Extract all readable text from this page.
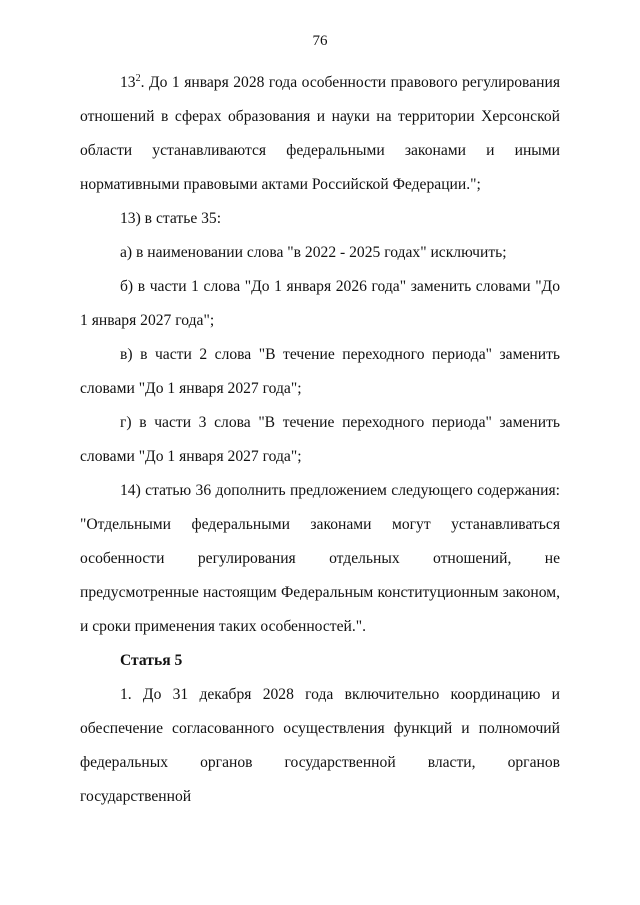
76

$13^2$. До 1 января 2028 года особенности правового регулирования отношений в сферах образования и науки на территории Херсонской области устанавливаются федеральными законами и иными нормативными правовыми актами Российской Федерации.";

13) в статье 35:

а) в наименовании слова "в 2022 - 2025 годах" исключить;

б) в части 1 слова "До 1 января 2026 года" заменить словами "До 1 января 2027 года";

в) в части 2 слова "В течение переходного периода" заменить словами "До 1 января 2027 года";

г) в части 3 слова "В течение переходного периода" заменить словами "До 1 января 2027 года";

14) статью 36 дополнить предложением следующего содержания: "Отдельными федеральными законами могут устанавливаться особенности регулирования отдельных отношений, не предусмотренные настоящим Федеральным конституционным законом, и сроки применения таких особенностей.".

Статья 5

1. До 31 декабря 2028 года включительно координацию и обеспечение согласованного осуществления функций и полномочий федеральных органов государственной власти, органов государственной
